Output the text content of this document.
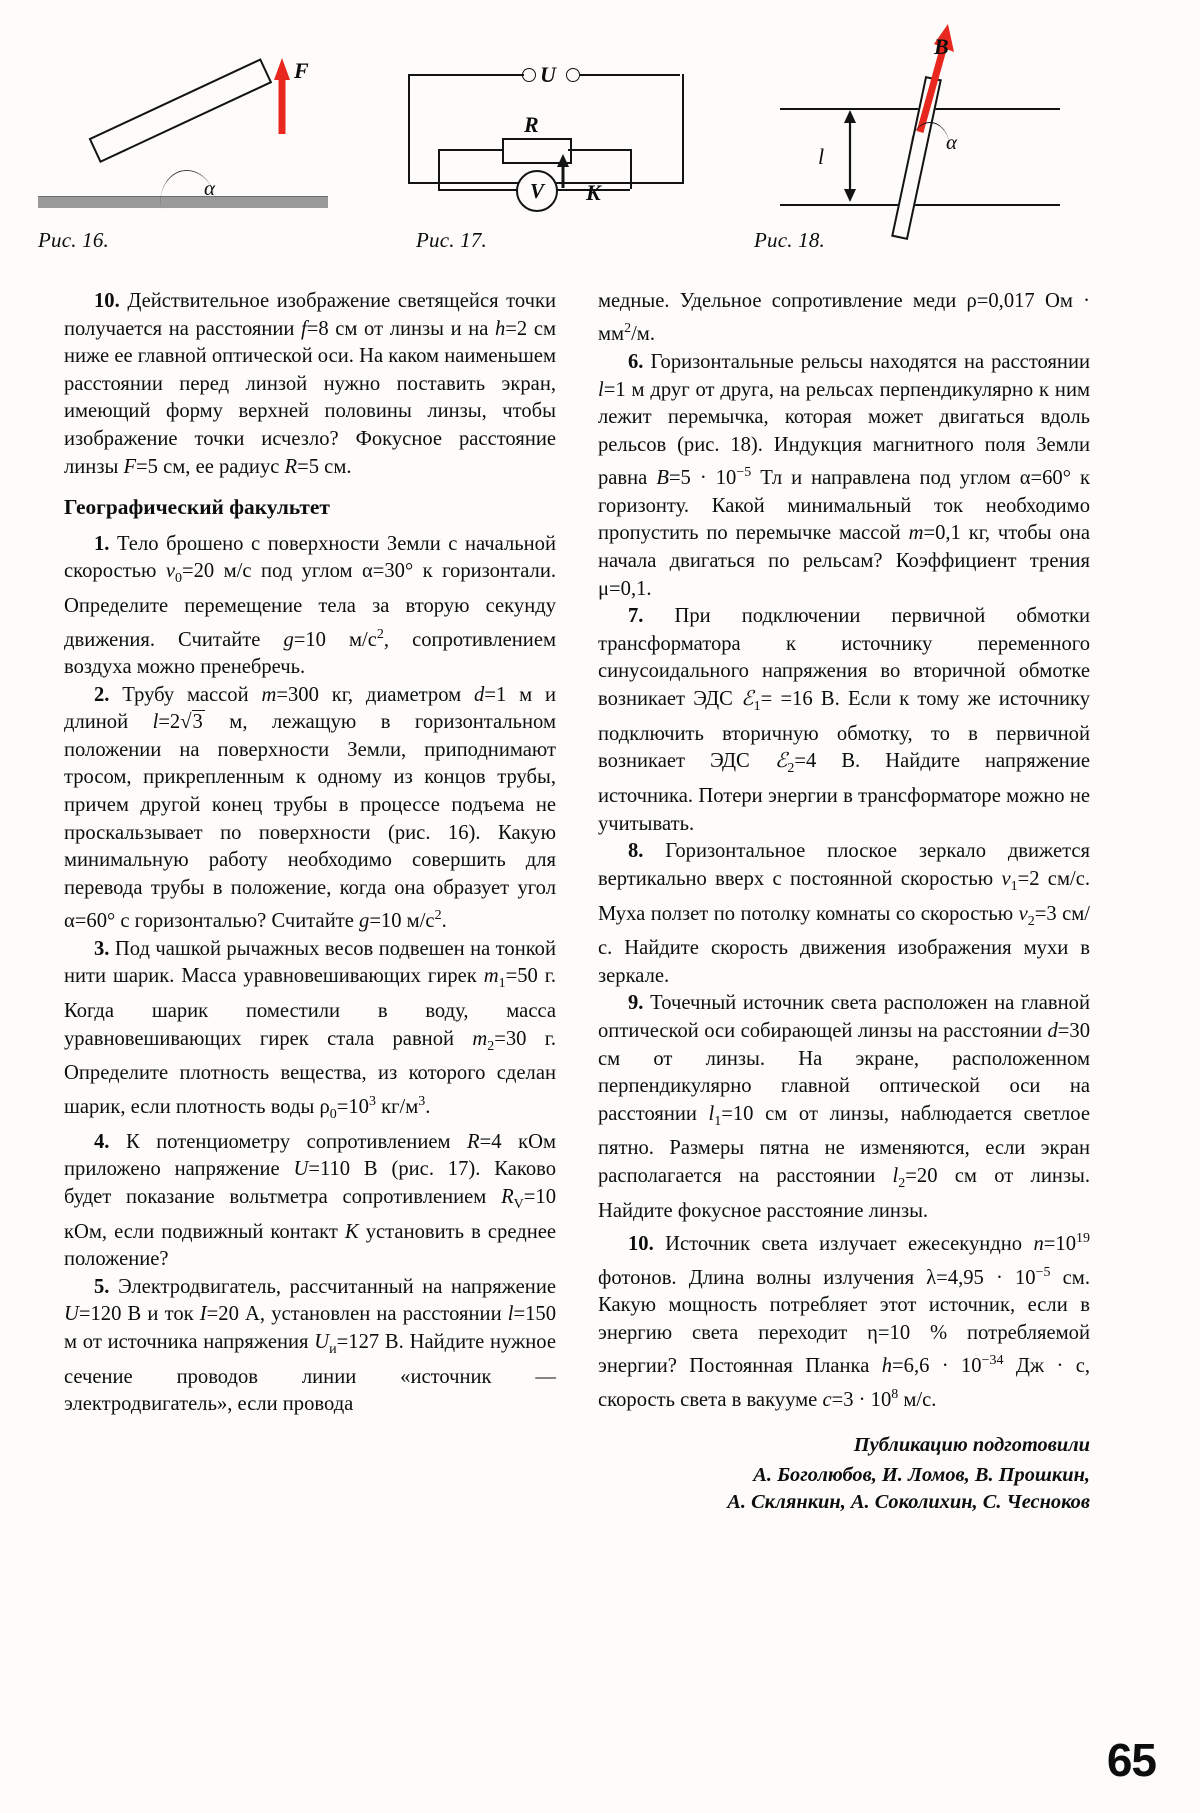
F
α
Рис. 16.
U
R
V	K
Рис. 17.
l
α
B
Рис. 18.

10. Действительное изображение светящейся точки получается на расстоянии f=8 см от линзы и на h=2 см ниже ее главной оптической оси. На каком наименьшем расстоянии перед линзой нужно поставить экран, имеющий форму верхней половины линзы, чтобы изображение точки исчезло? Фокусное расстояние линзы F=5 см, ее радиус R=5 см.

Географический факультет

1. Тело брошено с поверхности Земли с начальной скоростью $v_0=20$ м/с под углом α=30° к горизонтали. Определите перемещение тела за вторую секунду движения. Считайте g=10 $м/с^2$, сопротивлением воздуха можно пренебречь.

2. Трубу массой m=300 кг, диаметром d=1 м и длиной l=2√3 м, лежащую в горизонтальном положении на поверхности Земли, приподнимают тросом, прикрепленным к одному из концов трубы, причем другой конец трубы в процессе подъема не проскальзывает по поверхности (рис. 16). Какую минимальную работу необходимо совершить для перевода трубы в положение, когда она образует угол α=60° с горизонталью? Считайте g=10 $м/с^2$.

3. Под чашкой рычажных весов подвешен на тонкой нити шарик. Масса уравновешивающих гирек $m_1=50$ г. Когда шарик поместили в воду, масса уравновешивающих гирек стала равной $m_2=30$ г. Определите плотность вещества, из которого сделан шарик, если плотность воды $\rho_0=10^3$ $кг/м^3$.

4. К потенциометру сопротивлением R=4 кОм приложено напряжение U=110 В (рис. 17). Каково будет показание вольтметра сопротивлением $R_V=10$ кОм, если подвижный контакт K установить в среднее положение?

5. Электродвигатель, рассчитанный на напряжение U=120 В и ток I=20 А, установлен на расстоянии l=150 м от источника напряжения $U_и=127$ В. Найдите нужное сечение проводов линии «источник — электродвигатель», если провода

медные. Удельное сопротивление меди ρ=0,017 Ом · $мм^2/м$.

6. Горизонтальные рельсы находятся на расстоянии l=1 м друг от друга, на рельсах перпендикулярно к ним лежит перемычка, которая может двигаться вдоль рельсов (рис. 18). Индукция магнитного поля Земли равна $B=5 \cdot 10^{-5}$ Тл и направлена под углом α=60° к горизонту. Какой минимальный ток необходимо пропустить по перемычке массой m=0,1 кг, чтобы она начала двигаться по рельсам? Коэффициент трения μ=0,1.

7. При подключении первичной обмотки трансформатора к источнику переменного синусоидального напряжения во вторичной обмотке возникает ЭДС ℰ$_1$= =16 В. Если к тому же источнику подключить вторичную обмотку, то в первичной возникает ЭДС ℰ$_2$=4 В. Найдите напряжение источника. Потери энергии в трансформаторе можно не учитывать.

8. Горизонтальное плоское зеркало движется вертикально вверх с постоянной скоростью $v_1=2$ см/с. Муха ползет по потолку комнаты со скоростью $v_2=3$ см/с. Найдите скорость движения изображения мухи в зеркале.

9. Точечный источник света расположен на главной оптической оси собирающей линзы на расстоянии d=30 см от линзы. На экране, расположенном перпендикулярно главной оптической оси на расстоянии $l_1=10$ см от линзы, наблюдается светлое пятно. Размеры пятна не изменяются, если экран располагается на расстоянии $l_2=20$ см от линзы. Найдите фокусное расстояние линзы.

10. Источник света излучает ежесекундно $n=10^{19}$ фотонов. Длина волны излучения $\lambda=4,95 \cdot 10^{-5}$ см. Какую мощность потребляет этот источник, если в энергию света переходит η=10 % потребляемой энергии? Постоянная Планка $h=6,6 \cdot 10^{-34}$ Дж · с, скорость света в вакууме $c=3 \cdot 10^8$ м/с.

Публикацию подготовили
А. Боголюбов, И. Ломов, В. Прошкин,
А. Склянкин, А. Соколихин, С. Чесноков
65
